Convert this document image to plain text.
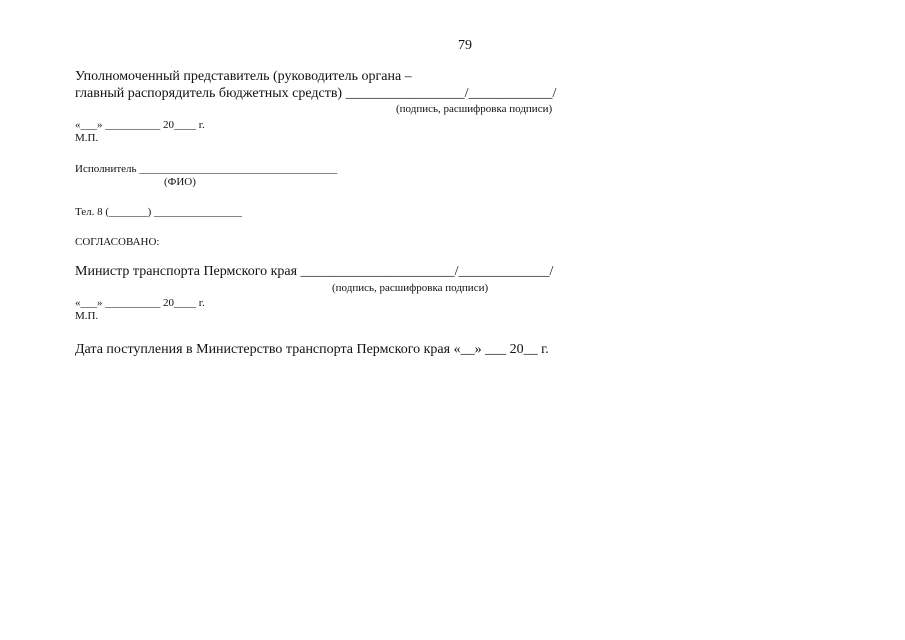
79
Уполномоченный представитель (руководитель органа –
главный распорядитель бюджетных средств) _________________/____________/
(подпись, расшифровка подписи)
«___» __________ 20____ г.
М.П.
Исполнитель ____________________________________
(ФИО)
Тел. 8 (_______) ________________
СОГЛАСОВАНО:
Министр транспорта Пермского края ______________________/_____________/
(подпись, расшифровка подписи)
«___» __________ 20____ г.
М.П.
Дата поступления в Министерство транспорта Пермского края «__» ___ 20__ г.
